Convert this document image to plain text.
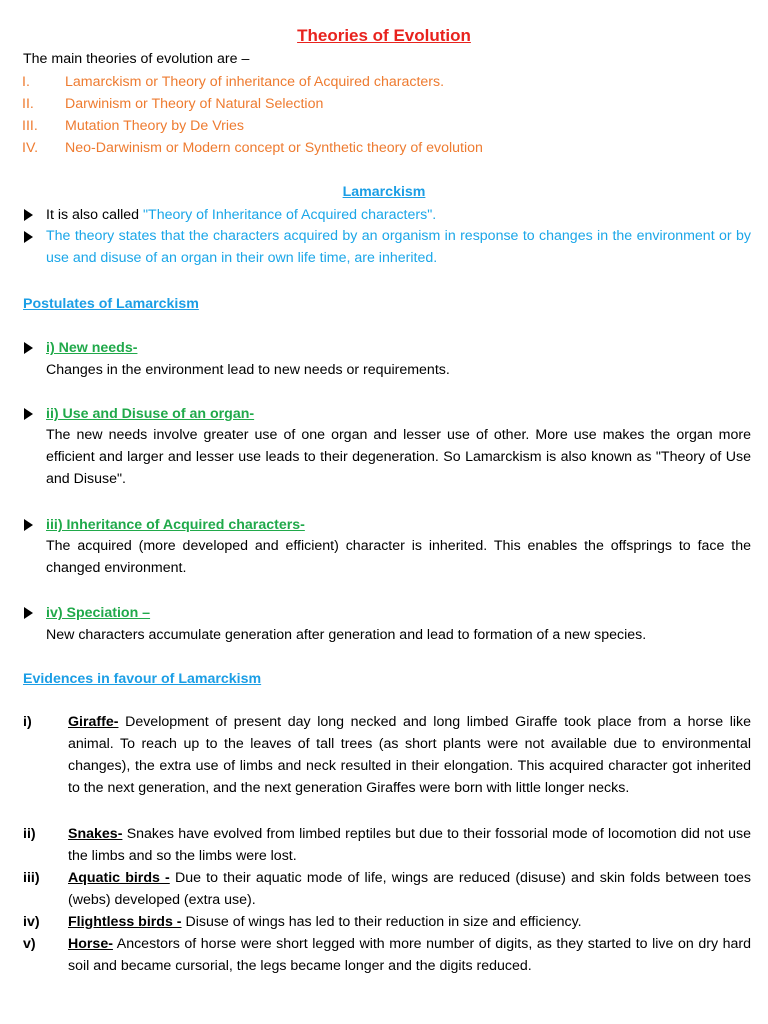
Theories of Evolution
The main theories of evolution are –
I. Lamarckism or Theory of inheritance of Acquired characters.
II. Darwinism or Theory of Natural Selection
III. Mutation Theory by De Vries
IV. Neo-Darwinism or Modern concept or Synthetic theory of evolution
Lamarckism
It is also called "Theory of Inheritance of Acquired characters".
The theory states that the characters acquired by an organism in response to changes in the environment or by use and disuse of an organ in their own life time, are inherited.
Postulates of Lamarckism
i) New needs-
Changes in the environment lead to new needs or requirements.
ii) Use and Disuse of an organ-
The new needs involve greater use of one organ and lesser use of other. More use makes the organ more efficient and larger and lesser use leads to their degeneration. So Lamarckism is also known as "Theory of Use and Disuse".
iii) Inheritance of Acquired characters-
The acquired (more developed and efficient) character is inherited. This enables the offsprings to face the changed environment.
iv) Speciation –
New characters accumulate generation after generation and lead to formation of a new species.
Evidences in favour of Lamarckism
i)	Giraffe- Development of present day long necked and long limbed Giraffe took place from a horse like animal. To reach up to the leaves of tall trees (as short plants were not available due to environmental changes), the extra use of limbs and neck resulted in their elongation. This acquired character got inherited to the next generation, and the next generation Giraffes were born with little longer necks.
ii) Snakes- Snakes have evolved from limbed reptiles but due to their fossorial mode of locomotion did not use the limbs and so the limbs were lost.
iii) Aquatic birds - Due to their aquatic mode of life, wings are reduced (disuse) and skin folds between toes (webs) developed (extra use).
iv) Flightless birds - Disuse of wings has led to their reduction in size and efficiency.
v) Horse- Ancestors of horse were short legged with more number of digits, as they started to live on dry hard soil and became cursorial, the legs became longer and the digits reduced.
